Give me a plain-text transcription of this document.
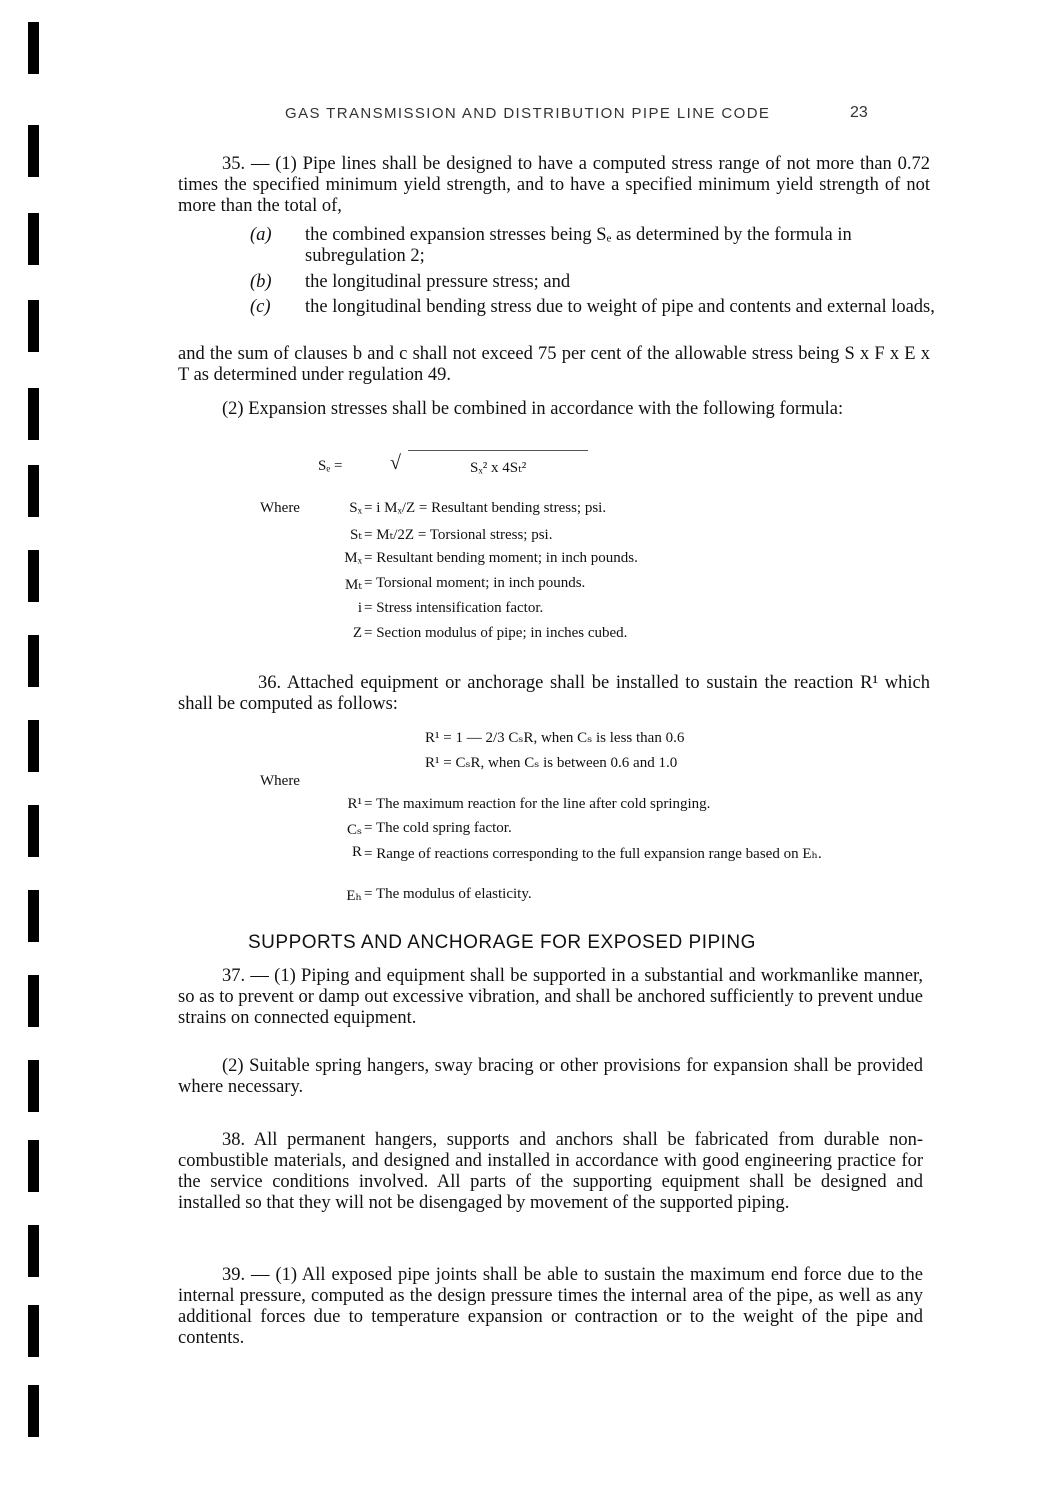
GAS TRANSMISSION AND DISTRIBUTION PIPE LINE CODE	23

35. — (1) Pipe lines shall be designed to have a computed stress range of not more than 0.72 times the specified minimum yield strength, and to have a specified minimum yield strength of not more than the total of,

(a) the combined expansion stresses being Sₑ as determined by the formula in subregulation 2;
(b) the longitudinal pressure stress; and
(c) the longitudinal bending stress due to weight of pipe and contents and external loads,

and the sum of clauses b and c shall not exceed 75 per cent of the allowable stress being S x F x E x T as determined under regulation 49.

(2) Expansion stresses shall be combined in accordance with the following formula:

Sₑ = √	Sₓ² x 4Sₜ²
Where	Sₓ = i Mₓ/Z = Resultant bending stress; psi.
Sₜ = Mₜ/2Z = Torsional stress; psi.
Mₓ = Resultant bending moment; in inch pounds.
Mₜ = Torsional moment; in inch pounds.
i = Stress intensification factor.
Z = Section modulus of pipe; in inches cubed.

36. Attached equipment or anchorage shall be installed to sustain the reaction R¹ which shall be computed as follows:

R¹ = 1 — 2/3 CₛR, when Cₛ is less than 0.6
R¹ = CₛR, when Cₛ is between 0.6 and 1.0
Where
R¹ = The maximum reaction for the line after cold springing.
Cₛ = The cold spring factor.
R = Range of reactions corresponding to the full expansion range based on Eₕ.
Eₕ = The modulus of elasticity.
SUPPORTS AND ANCHORAGE FOR EXPOSED PIPING

37. — (1) Piping and equipment shall be supported in a substantial and workmanlike manner, so as to prevent or damp out excessive vibration, and shall be anchored sufficiently to prevent undue strains on connected equipment.

(2) Suitable spring hangers, sway bracing or other provisions for expansion shall be provided where necessary.

38. All permanent hangers, supports and anchors shall be fabricated from durable non-combustible materials, and designed and installed in accordance with good engineering practice for the service conditions involved. All parts of the supporting equipment shall be designed and installed so that they will not be disengaged by movement of the supported piping.

39. — (1) All exposed pipe joints shall be able to sustain the maximum end force due to the internal pressure, computed as the design pressure times the internal area of the pipe, as well as any additional forces due to temperature expansion or contraction or to the weight of the pipe and contents.
